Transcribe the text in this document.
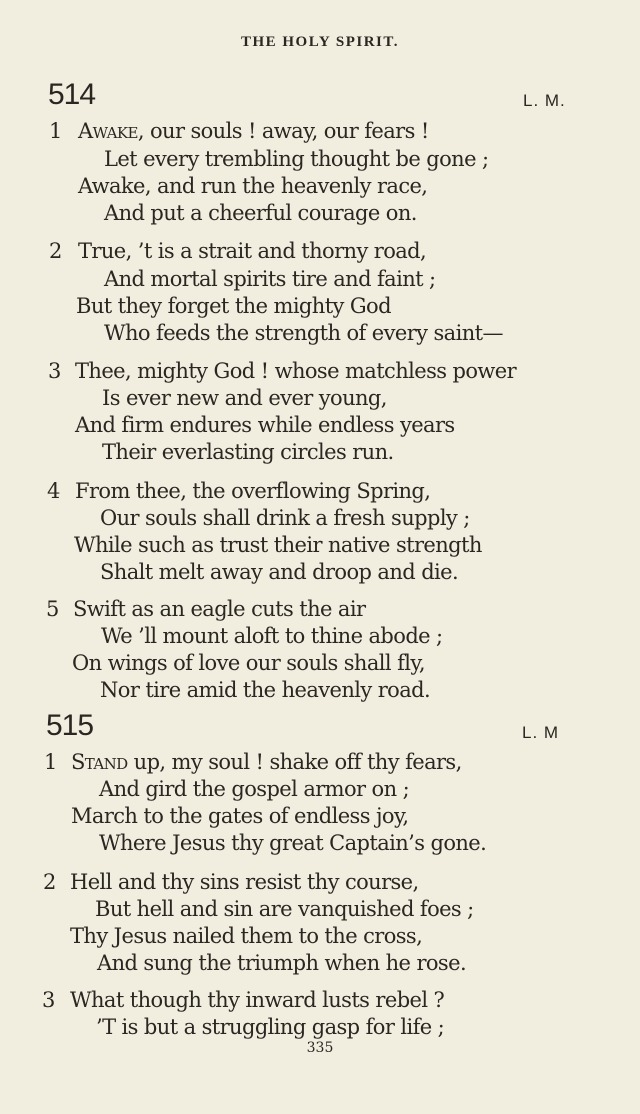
THE HOLY SPIRIT.
514	L. M.
1 Awake, our souls ! away, our fears !
Let every trembling thought be gone ;
Awake, and run the heavenly race,
And put a cheerful courage on.
2 True, ’t is a strait and thorny road,
And mortal spirits tire and faint ;
But they forget the mighty God
Who feeds the strength of every saint—
3 Thee, mighty God ! whose matchless power
Is ever new and ever young,
And firm endures while endless years
Their everlasting circles run.
4 From thee, the overflowing Spring,
Our souls shall drink a fresh supply ;
While such as trust their native strength
Shalt melt away and droop and die.
5 Swift as an eagle cuts the air
We ’ll mount aloft to thine abode ;
On wings of love our souls shall fly,
Nor tire amid the heavenly road.
515	L. M
1 Stand up, my soul ! shake off thy fears,
And gird the gospel armor on ;
March to the gates of endless joy,
Where Jesus thy great Captain’s gone.
2 Hell and thy sins resist thy course,
But hell and sin are vanquished foes ;
Thy Jesus nailed them to the cross,
And sung the triumph when he rose.
3 What though thy inward lusts rebel ?
’T is but a struggling gasp for life ;
335
